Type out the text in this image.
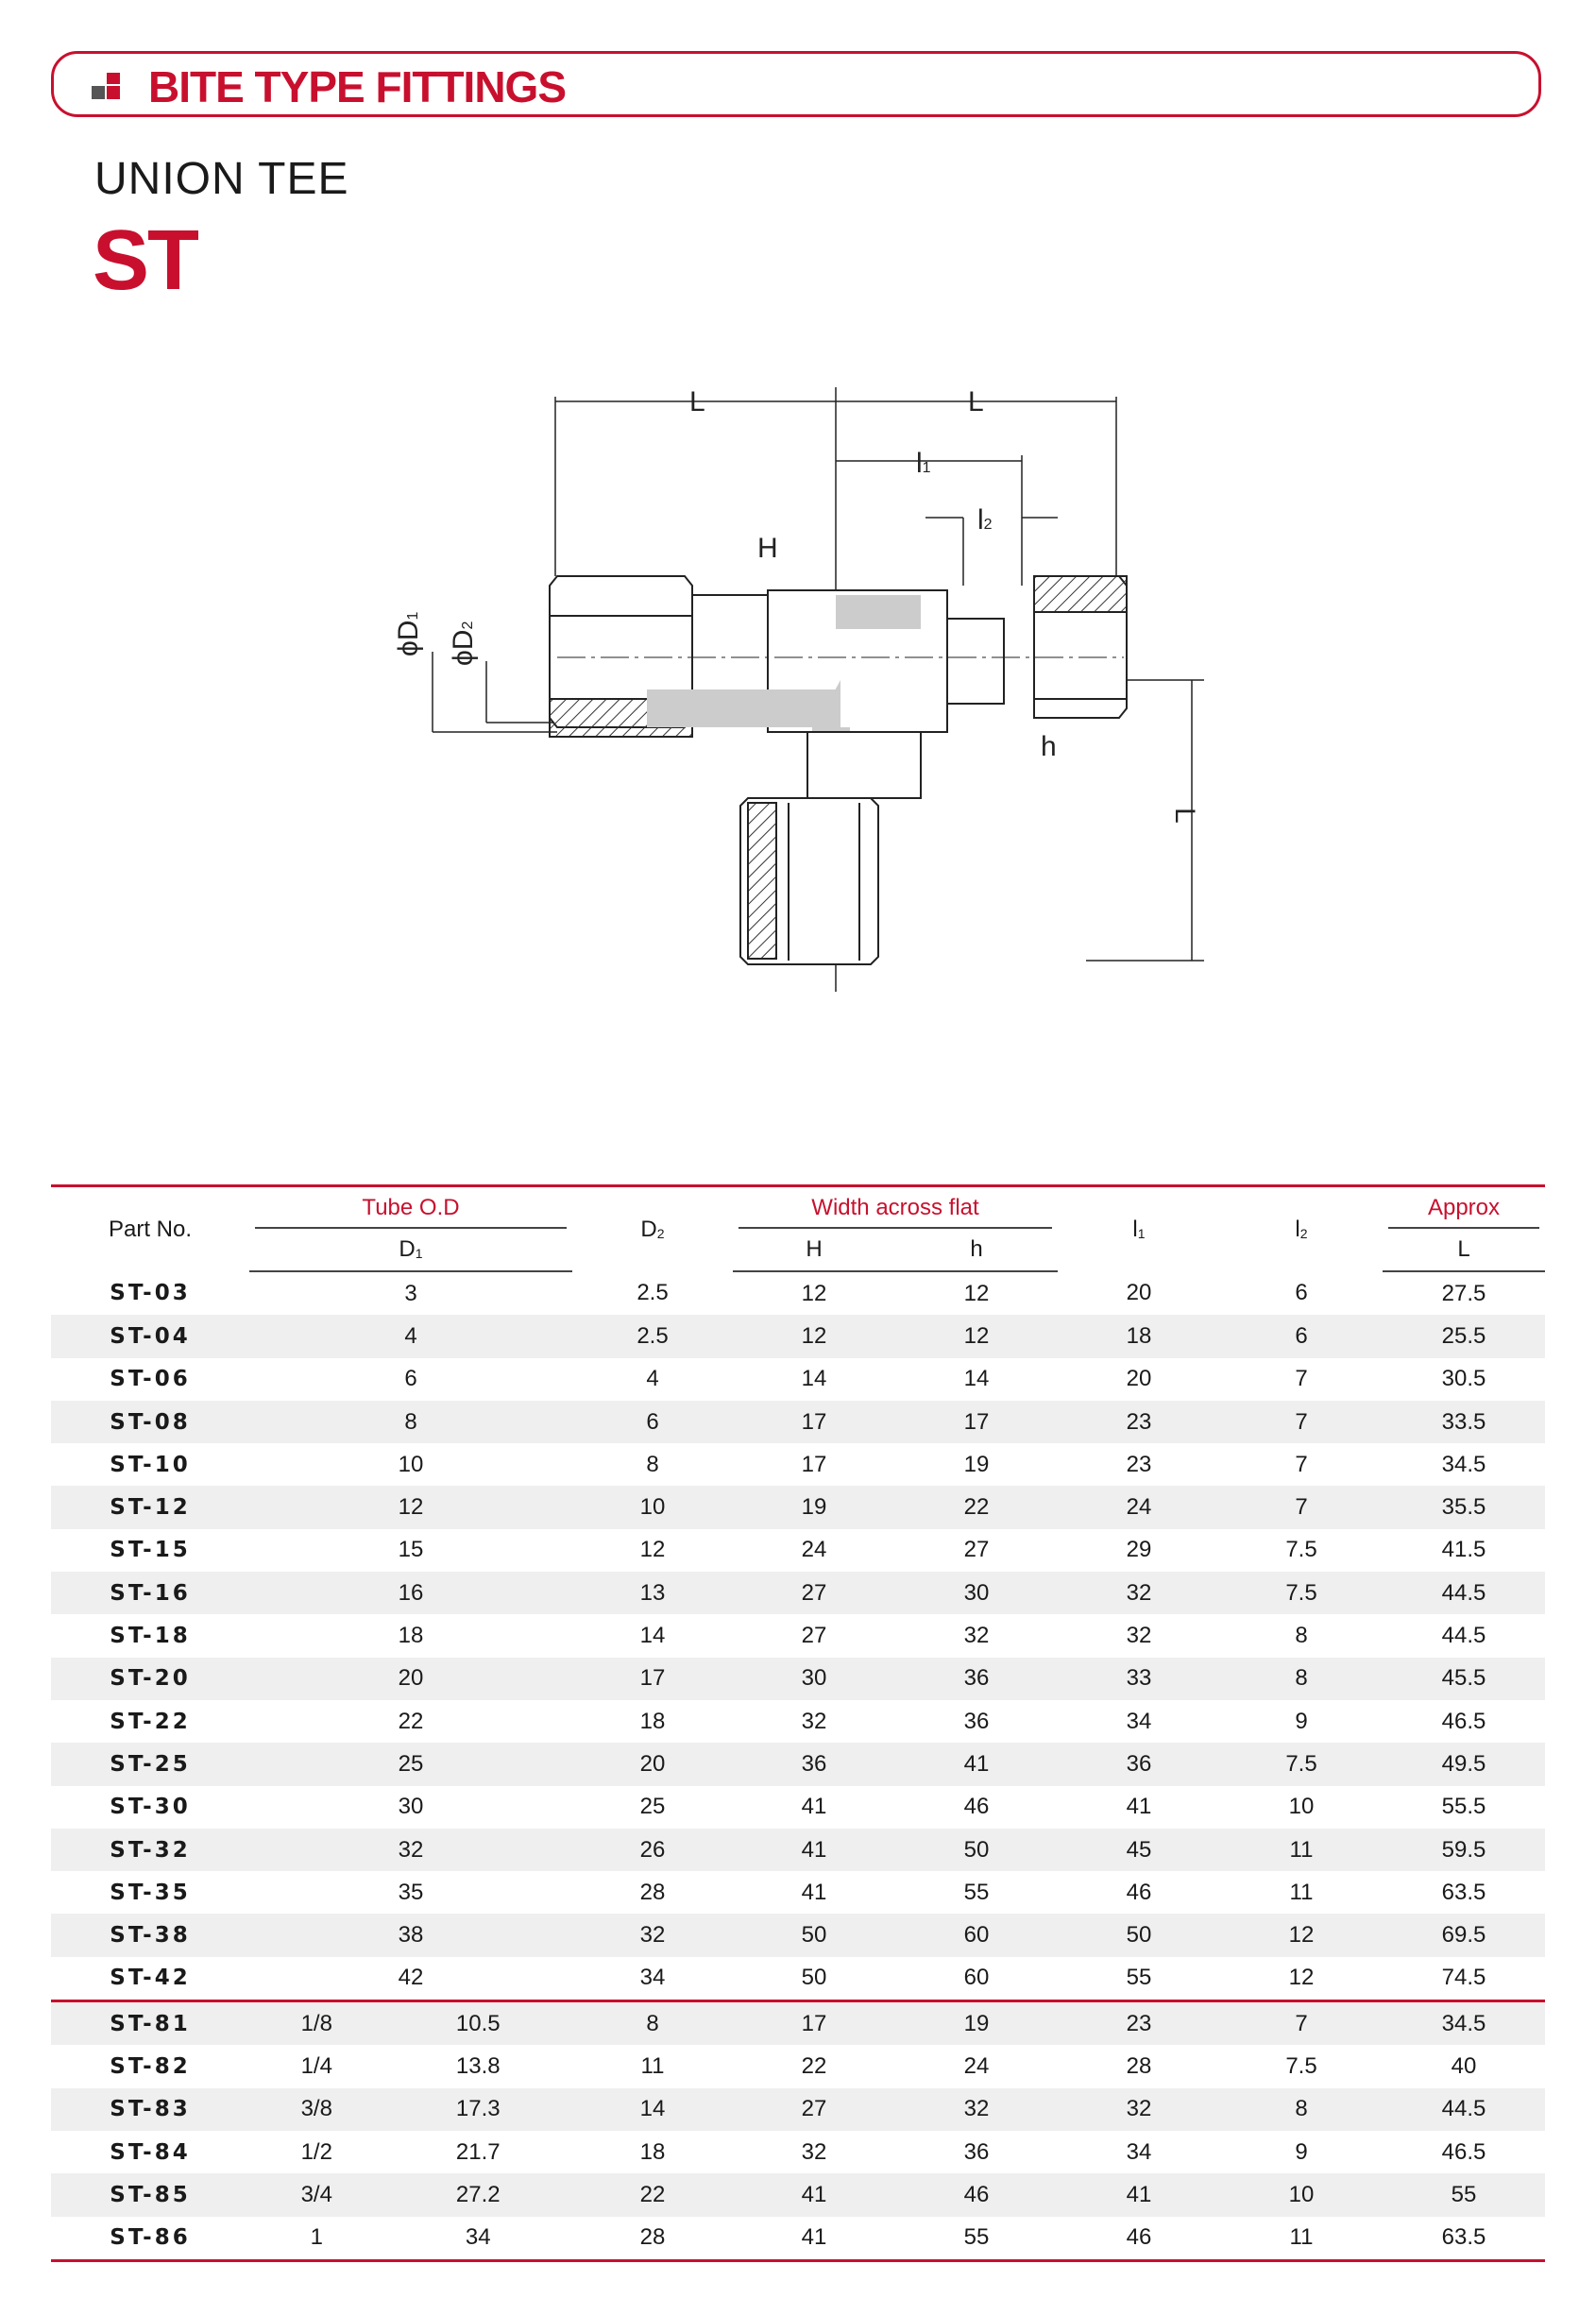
BITE TYPE FITTINGS
UNION TEE
ST
L	L
l1
l2
H
h
L
ϕD1
ϕD2
Part No.	Tube O.D		$D_2$	Width across flat		$l_1$	$l_2$	Approx

	$D_1$			H	h			L
ST-03	3		2.5	12	12	20	6	27.5
ST-04	4		2.5	12	12	18	6	25.5
ST-06	6		4	14	14	20	7	30.5
ST-08	8		6	17	17	23	7	33.5
ST-10	10		8	17	19	23	7	34.5
ST-12	12		10	19	22	24	7	35.5
ST-15	15		12	24	27	29	7.5	41.5
ST-16	16		13	27	30	32	7.5	44.5
ST-18	18		14	27	32	32	8	44.5
ST-20	20		17	30	36	33	8	45.5
ST-22	22		18	32	36	34	9	46.5
ST-25	25		20	36	41	36	7.5	49.5
ST-30	30		25	41	46	41	10	55.5
ST-32	32		26	41	50	45	11	59.5
ST-35	35		28	41	55	46	11	63.5
ST-38	38		32	50	60	50	12	69.5
ST-42	42		34	50	60	55	12	74.5
ST-81	1/8	10.5	8	17	19	23	7	34.5
ST-82	1/4	13.8	11	22	24	28	7.5	40
ST-83	3/8	17.3	14	27	32	32	8	44.5
ST-84	1/2	21.7	18	32	36	34	9	46.5
ST-85	3/4	27.2	22	41	46	41	10	55
ST-86	1	34	28	41	55	46	11	63.5
